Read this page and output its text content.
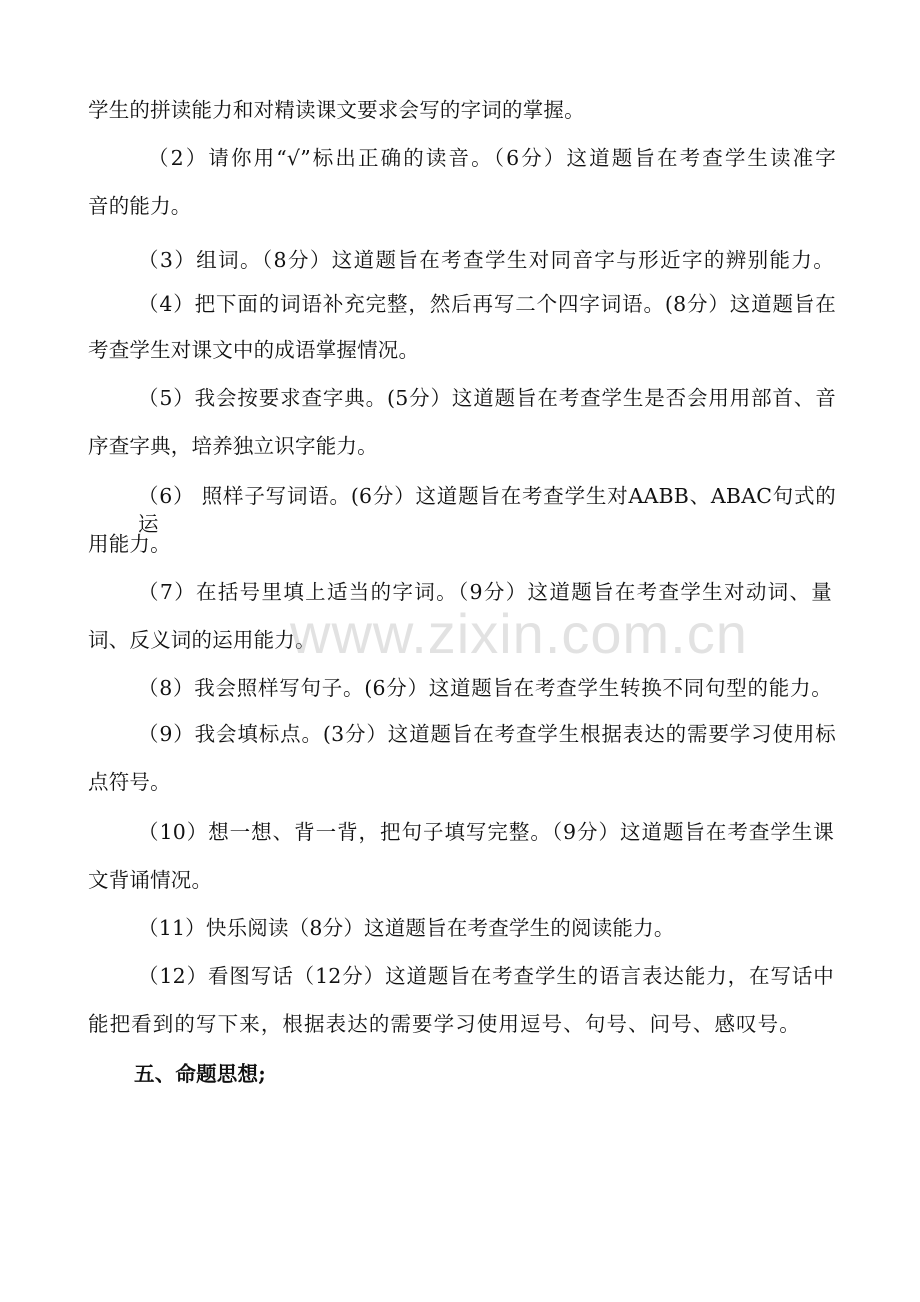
学生的拼读能力和对精读课文要求会写的字词的掌握。
（2）请你用“√”标出正确的读音。（6分）这道题旨在考查学生读准字
音的能力。
（3）组词。（8分）这道题旨在考查学生对同音字与形近字的辨别能力。
（4）把下面的词语补充完整，然后再写二个四字词语。(8分）这道题旨在
考查学生对课文中的成语掌握情况。
（5）我会按要求查字典。(5分）这道题旨在考查学生是否会用用部首、音
序查字典，培养独立识字能力。
（6） 照样子写词语。(6分）这道题旨在考查学生对AABB、ABAC句式的运
用能力。
（7）在括号里填上适当的字词。（9分）这道题旨在考查学生对动词、量
词、反义词的运用能力。
（8）我会照样写句子。(6分）这道题旨在考查学生转换不同句型的能力。
（9）我会填标点。(3分）这道题旨在考查学生根据表达的需要学习使用标
点符号。
（10）想一想、背一背，把句子填写完整。（9分）这道题旨在考查学生课
文背诵情况。
（11）快乐阅读（8分）这道题旨在考查学生的阅读能力。
（12）看图写话（12分）这道题旨在考查学生的语言表达能力，在写话中
能把看到的写下来，根据表达的需要学习使用逗号、句号、问号、感叹号。
五、命题思想;
www.zixin.com.cn
